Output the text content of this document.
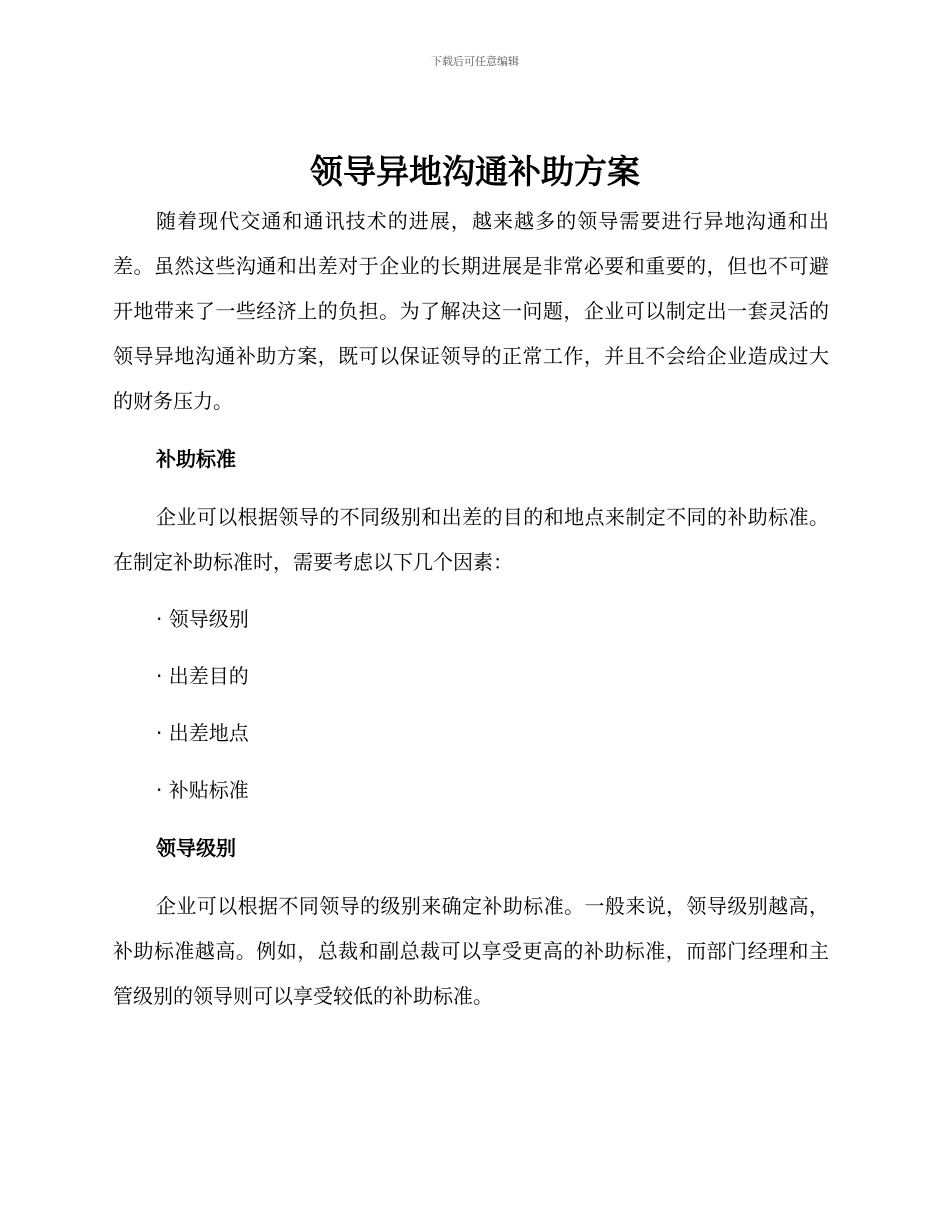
下载后可任意编辑
领导异地沟通补助方案

随着现代交通和通讯技术的进展，越来越多的领导需要进行异地沟通和出差。虽然这些沟通和出差对于企业的长期进展是非常必要和重要的，但也不可避开地带来了一些经济上的负担。为了解决这一问题，企业可以制定出一套灵活的领导异地沟通补助方案，既可以保证领导的正常工作，并且不会给企业造成过大的财务压力。

补助标准

企业可以根据领导的不同级别和出差的目的和地点来制定不同的补助标准。在制定补助标准时，需要考虑以下几个因素：

· 领导级别
· 出差目的
· 出差地点
· 补贴标准
领导级别

企业可以根据不同领导的级别来确定补助标准。一般来说，领导级别越高，补助标准越高。例如，总裁和副总裁可以享受更高的补助标准，而部门经理和主管级别的领导则可以享受较低的补助标准。
